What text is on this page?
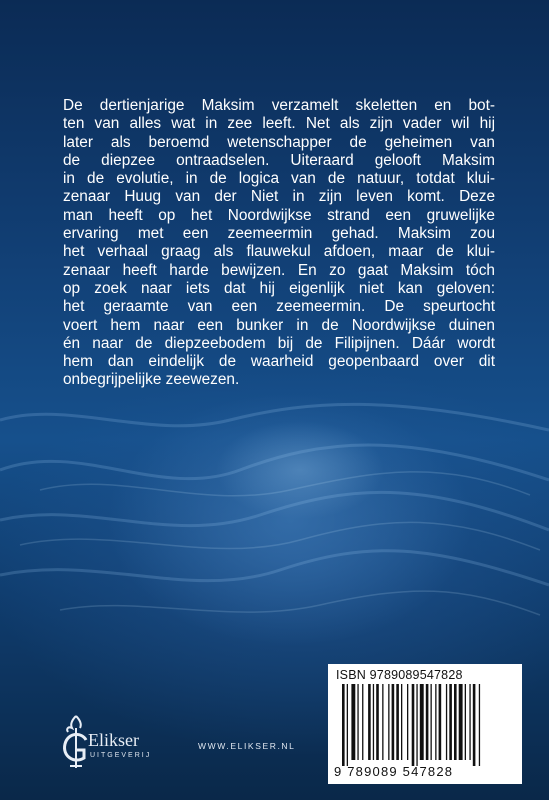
De dertienjarige Maksim verzamelt skeletten en bot-
ten van alles wat in zee leeft. Net als zijn vader wil hij
later als beroemd wetenschapper de geheimen van
de diepzee ontraadselen. Uiteraard gelooft Maksim
in de evolutie, in de logica van de natuur, totdat klui-
zenaar Huug van der Niet in zijn leven komt. Deze
man heeft op het Noordwijkse strand een gruwelijke
ervaring met een zeemeermin gehad. Maksim zou
het verhaal graag als flauwekul afdoen, maar de klui-
zenaar heeft harde bewijzen. En zo gaat Maksim tóch
op zoek naar iets dat hij eigenlijk niet kan geloven:
het geraamte van een zeemeermin. De speurtocht
voert hem naar een bunker in de Noordwijkse duinen
én naar de diepzeebodem bij de Filipijnen. Dáár wordt
hem dan eindelijk de waarheid geopenbaard over dit
onbegrijpelijke zeewezen.

Elikser
UITGEVERIJ
WWW.ELIKSER.NL
ISBN 9789089547828
9 789089 547828
